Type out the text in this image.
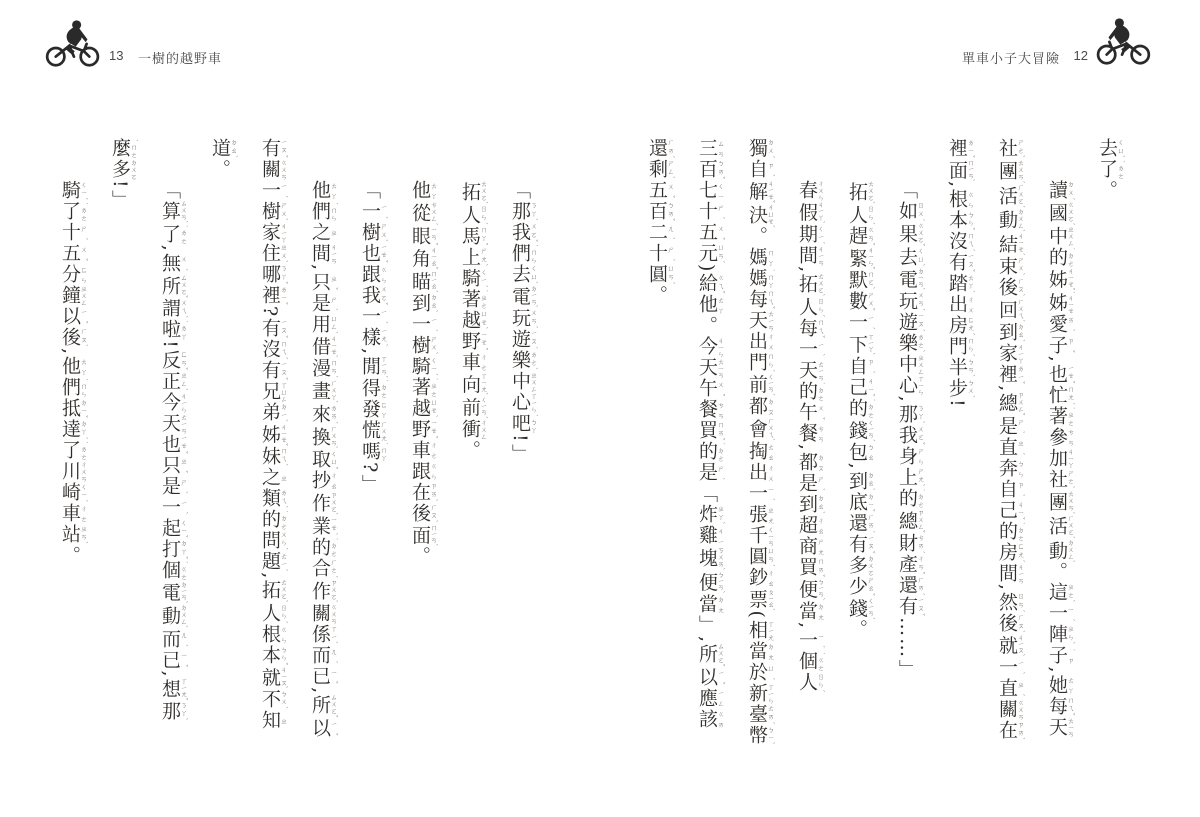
13 一樹的越野車
「那 ㄋㄚˋ我 ㄨㄛˇ們 ˙ㄇㄣ去 ㄑㄩˋ電 ㄉㄧㄢˋ玩 ㄨㄢˊ遊 ㄧㄡˊ樂 ㄌㄜˋ中 ㄓㄨㄥ心 ㄒㄧㄣ吧 ˙ㄅㄚ!」
拓 ㄊㄨㄛˋ人 ㄖㄣˊ馬 ㄇㄚˇ上 ㄕㄤˋ騎 ㄑㄧˊ著 ˙ㄓㄜ越 ㄩㄝˋ野 ㄧㄝˇ車 ㄔㄜ向 ㄒㄧㄤˋ前 ㄑㄧㄢˊ衝 ㄔㄨㄥ。
他 ㄊㄚ從 ㄘㄨㄥˊ眼 ㄧㄢˇ角 ㄐㄧㄠˇ瞄 ㄇㄧㄠˊ到 ㄉㄠˋ一 ㄧˊ樹 ㄕㄨˋ騎 ㄑㄧˊ著 ˙ㄓㄜ越 ㄩㄝˋ野 ㄧㄝˇ車 ㄔㄜ跟 ㄍㄣ在 ㄗㄞˋ後 ㄏㄡˋ面 ㄇㄧㄢˋ。
「一 ㄧˊ樹 ㄕㄨˋ也 ㄧㄝˇ跟 ㄍㄣ我 ㄨㄛˇ一 ㄧˊ樣 ㄧㄤˋ,閒 ㄒㄧㄢˊ得 ˙ㄉㄜ發 ㄈㄚ慌 ㄏㄨㄤ嗎 ˙ㄇㄚ?」
他 ㄊㄚ們 ˙ㄇㄣ之 ㄓ間 ㄐㄧㄢ,只 ㄓˇ是 ㄕˋ用 ㄩㄥˋ借 ㄐㄧㄝˋ漫 ㄇㄢˋ畫 ㄏㄨㄚˋ來 ㄌㄞˊ換 ㄏㄨㄢˋ取 ㄑㄩˇ抄 ㄔㄠ作 ㄗㄨㄛˋ業 ㄧㄝˋ的 ˙ㄉㄜ合 ㄏㄜˊ作 ㄗㄨㄛˋ關 ㄍㄨㄢ係 ㄒㄧˋ而 ㄦˊ已 ㄧˇ,所 ㄙㄨㄛˇ以 ㄧˇ
有 ㄧㄡˇ關 ㄍㄨㄢ一 ㄧˊ樹 ㄕㄨˋ家 ㄐㄧㄚ住 ㄓㄨˋ哪 ㄋㄚˇ裡 ㄌㄧˇ?有 ㄧㄡˇ沒 ㄇㄟˊ有 ㄧㄡˇ兄 ㄒㄩㄥ弟 ㄉㄧˋ姊 ㄐㄧㄝˇ妹 ㄇㄟˋ之 ㄓ類 ㄌㄟˋ的 ˙ㄉㄜ問 ㄨㄣˋ題 ㄊㄧˊ,拓 ㄊㄨㄛˋ人 ㄖㄣˊ根 ㄍㄣ本 ㄅㄣˇ就 ㄐㄧㄡˋ不 ㄅㄨˋ知 ㄓ
道 ㄉㄠˋ。
「算 ㄙㄨㄢˋ了 ˙ㄌㄜ,無 ㄨˊ所 ㄙㄨㄛˇ謂 ㄨㄟˋ啦 ˙ㄌㄚ!反 ㄈㄢˇ正 ㄓㄥˋ今 ㄐㄧㄣ天 ㄊㄧㄢ也 ㄧㄝˇ只 ㄓˇ是 ㄕˋ一 ㄧˋ起 ㄑㄧˇ打 ㄉㄚˇ個 ˙ㄍㄜ電 ㄉㄧㄢˋ動 ㄉㄨㄥˋ而 ㄦˊ已 ㄧˇ,想 ㄒㄧㄤˇ那 ㄋㄚˋ
麼 ˙ㄇㄜ多 ㄉㄨㄛ!」
騎 ㄑㄧˊ了 ˙ㄌㄜ十 ㄕˊ五 ㄨˇ分 ㄈㄣ鐘 ㄓㄨㄥ以 ㄧˇ後 ㄏㄡˋ,他 ㄊㄚ們 ˙ㄇㄣ抵 ㄉㄧˇ達 ㄉㄚˊ了 ˙ㄌㄜ川 ㄔㄨㄢ崎 ㄑㄧˊ車 ㄔㄜ站 ㄓㄢˋ。
單車小子大冒險 12
去 ㄑㄩˋ了 ˙ㄌㄜ。
讀 ㄉㄨˊ國 ㄍㄨㄛˊ中 ㄓㄨㄥ的 ˙ㄉㄜ姊 ㄐㄧㄝˇ姊 ˙ㄐㄧㄝ愛 ㄞˋ子 ㄗˇ,也 ㄧㄝˇ忙 ㄇㄤˊ著 ˙ㄓㄜ參 ㄘㄢ加 ㄐㄧㄚ社 ㄕㄜˋ團 ㄊㄨㄢˊ活 ㄏㄨㄛˊ動 ㄉㄨㄥˋ。這 ㄓㄜˋ一 ㄧˊ陣 ㄓㄣˋ子 ˙ㄗ,她 ㄊㄚ每 ㄇㄟˇ天 ㄊㄧㄢ
社 ㄕㄜˋ團 ㄊㄨㄢˊ活 ㄏㄨㄛˊ動 ㄉㄨㄥˋ結 ㄐㄧㄝˊ束 ㄕㄨˋ後 ㄏㄡˋ回 ㄏㄨㄟˊ到 ㄉㄠˋ家 ㄐㄧㄚ裡 ㄌㄧˇ,總 ㄗㄨㄥˇ是 ㄕˋ直 ㄓˊ奔 ㄅㄣ自 ㄗˋ己 ㄐㄧˇ的 ˙ㄉㄜ房 ㄈㄤˊ間 ㄐㄧㄢ,然 ㄖㄢˊ後 ㄏㄡˋ就 ㄐㄧㄡˋ一 ㄧˋ直 ㄓˊ關 ㄍㄨㄢ在 ㄗㄞˋ
裡 ㄌㄧˇ面 ㄇㄧㄢˋ,根 ㄍㄣ本 ㄅㄣˇ沒 ㄇㄟˊ有 ㄧㄡˇ踏 ㄊㄚˋ出 ㄔㄨ房 ㄈㄤˊ門 ㄇㄣˊ半 ㄅㄢˋ步 ㄅㄨˋ!
「如 ㄖㄨˊ果 ㄍㄨㄛˇ去 ㄑㄩˋ電 ㄉㄧㄢˋ玩 ㄨㄢˊ遊 ㄧㄡˊ樂 ㄌㄜˋ中 ㄓㄨㄥ心 ㄒㄧㄣ,那 ㄋㄚˋ我 ㄨㄛˇ身 ㄕㄣ上 ㄕㄤˋ的 ˙ㄉㄜ總 ㄗㄨㄥˇ財 ㄘㄞˊ產 ㄔㄢˇ還 ㄏㄞˊ有 ㄧㄡˇ……」
拓 ㄊㄨㄛˋ人 ㄖㄣˊ趕 ㄍㄢˇ緊 ㄐㄧㄣˇ默 ㄇㄛˋ數 ㄕㄨˇ一 ㄧˊ下 ㄒㄧㄚˋ自 ㄗˋ己 ㄐㄧˇ的 ˙ㄉㄜ錢 ㄑㄧㄢˊ包 ㄅㄠ,到 ㄉㄠˋ底 ㄉㄧˇ還 ㄏㄞˊ有 ㄧㄡˇ多 ㄉㄨㄛ少 ㄕㄠˇ錢 ㄑㄧㄢˊ。
春 ㄔㄨㄣ假 ㄐㄧㄚˋ期 ㄑㄧˊ間 ㄐㄧㄢ,拓 ㄊㄨㄛˋ人 ㄖㄣˊ每 ㄇㄟˇ一 ㄧˋ天 ㄊㄧㄢ的 ˙ㄉㄜ午 ㄨˇ餐 ㄘㄢ,都 ㄉㄡ是 ㄕˋ到 ㄉㄠˋ超 ㄔㄠ商 ㄕㄤ買 ㄇㄞˇ便 ㄅㄧㄢˋ當 ㄉㄤ,一 ㄧˊ個 ˙ㄍㄜ人 ㄖㄣˊ
獨 ㄉㄨˊ自 ㄗˋ解 ㄐㄧㄝˇ決 ㄐㄩㄝˊ。媽 ㄇㄚ媽 ˙ㄇㄚ每 ㄇㄟˇ天 ㄊㄧㄢ出 ㄔㄨ門 ㄇㄣˊ前 ㄑㄧㄢˊ都 ㄉㄡ會 ㄏㄨㄟˋ掏 ㄊㄠ出 ㄔㄨ一 ㄧˋ張 ㄓㄤ千 ㄑㄧㄢ圓 ㄩㄢˊ鈔 ㄔㄠ票 ㄆㄧㄠˋ(相 ㄒㄧㄤ當 ㄉㄤ於 ㄩˊ新 ㄒㄧㄣ臺 ㄊㄞˊ幣 ㄅㄧˋ
三 ㄙㄢ百 ㄅㄞˇ七 ㄑㄧ十 ㄕˊ五 ㄨˇ元 ㄩㄢˊ)給 ㄍㄟˇ他 ㄊㄚ。今 ㄐㄧㄣ天 ㄊㄧㄢ午 ㄨˇ餐 ㄘㄢ買 ㄇㄞˇ的 ˙ㄉㄜ是 ㄕˋ「炸 ㄓㄚˋ雞 ㄐㄧ塊 ㄎㄨㄞˋ便 ㄅㄧㄢˋ當 ㄉㄤ」,所 ㄙㄨㄛˇ以 ㄧˇ應 ㄧㄥ該 ㄍㄞ
還 ㄏㄞˊ剩 ㄕㄥˋ五 ㄨˇ百 ㄅㄞˇ二 ㄦˋ十 ㄕˊ圓 ㄩㄢˊ。
